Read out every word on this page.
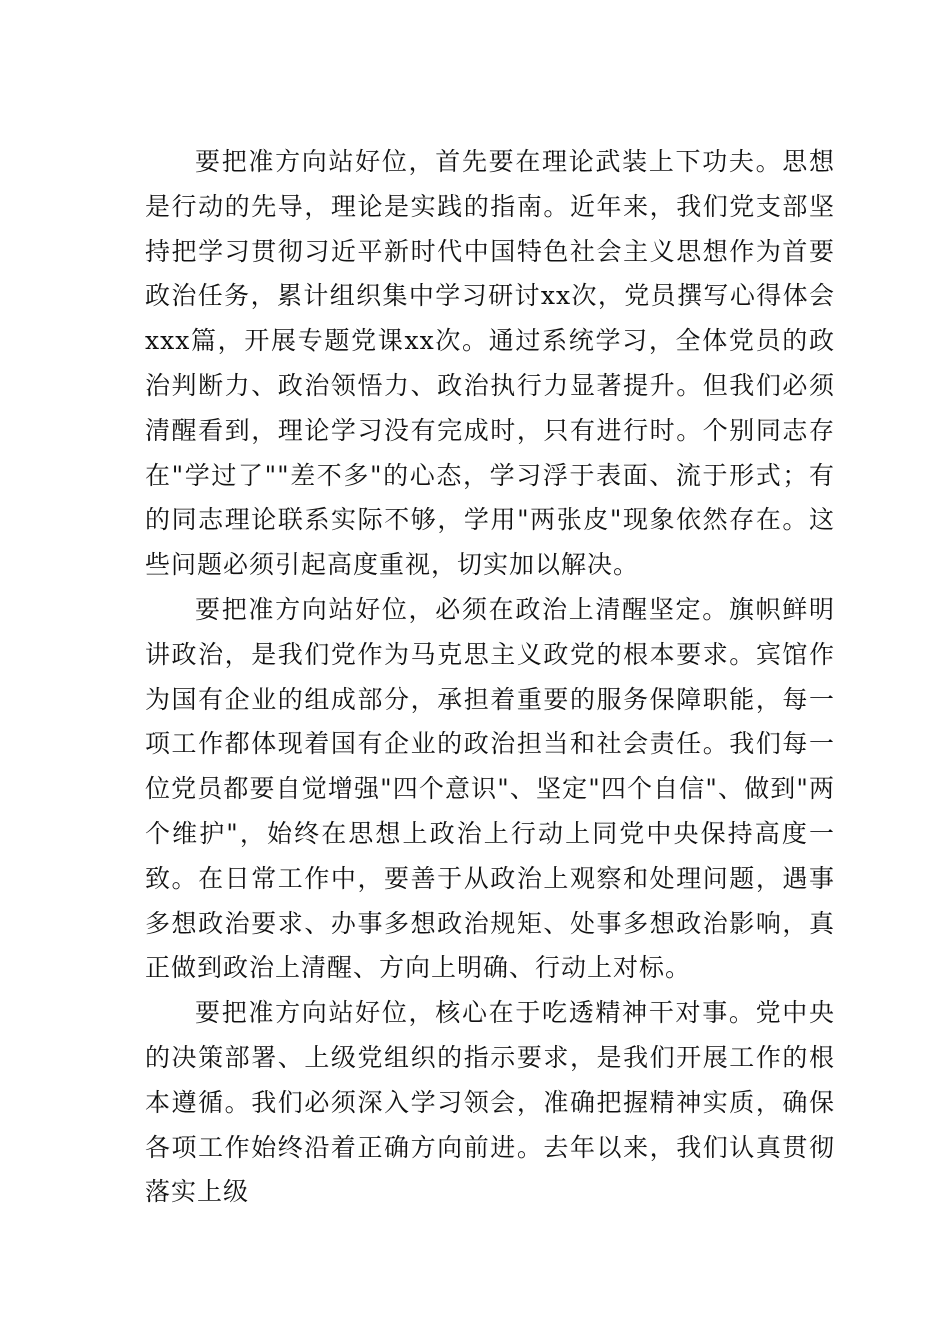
要把准方向站好位，首先要在理论武装上下功夫。思想是行动的先导，理论是实践的指南。近年来，我们党支部坚持把学习贯彻习近平新时代中国特色社会主义思想作为首要政治任务，累计组织集中学习研讨xx次，党员撰写心得体会xxx篇，开展专题党课xx次。通过系统学习，全体党员的政治判断力、政治领悟力、政治执行力显著提升。但我们必须清醒看到，理论学习没有完成时，只有进行时。个别同志存在"学过了""差不多"的心态，学习浮于表面、流于形式；有的同志理论联系实际不够，学用"两张皮"现象依然存在。这些问题必须引起高度重视，切实加以解决。

要把准方向站好位，必须在政治上清醒坚定。旗帜鲜明讲政治，是我们党作为马克思主义政党的根本要求。宾馆作为国有企业的组成部分，承担着重要的服务保障职能，每一项工作都体现着国有企业的政治担当和社会责任。我们每一位党员都要自觉增强"四个意识"、坚定"四个自信"、做到"两个维护"，始终在思想上政治上行动上同党中央保持高度一致。在日常工作中，要善于从政治上观察和处理问题，遇事多想政治要求、办事多想政治规矩、处事多想政治影响，真正做到政治上清醒、方向上明确、行动上对标。

要把准方向站好位，核心在于吃透精神干对事。党中央的决策部署、上级党组织的指示要求，是我们开展工作的根本遵循。我们必须深入学习领会，准确把握精神实质，确保各项工作始终沿着正确方向前进。去年以来，我们认真贯彻落实上级
